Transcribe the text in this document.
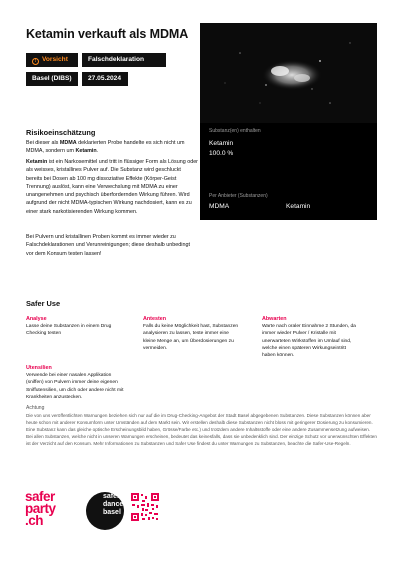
Ketamin verkauft als MDMA
! Vorsicht	Falschdeklaration
Basel (DIBS)	27.05.2024
Substanz(en) enthalten
Ketamin
100.0 %
Per Anbieter (Substanzen)
MDMA	Ketamin
Risikoeinschätzung
Bei dieser als MDMA deklarierten Probe handelte es sich nicht um MDMA, sondern um Ketamin.
Ketamin ist ein Narkosemittel und tritt in flüssiger Form als Lösung oder als weisses, kristallines Pulver auf. Die Substanz wird geschluckt bereits bei Dosen ab 100 mg dissoziative Effekte (Körper-Geist Trennung) auslöst, kann eine Verwechslung mit MDMA zu einer unangenehmen und psychisch überfordernden Wirkung führen. Wird aufgrund der nicht MDMA-typischen Wirkung nachdosiert, kann es zu einer stark narkotisierenden Wirkung kommen.
Bei Pulvern und kristallinen Proben kommt es immer wieder zu Falschdeklarationen und Verunreinigungen; diese deshalb unbedingt vor dem Konsum testen lassen!
Safer Use
Analyse
Lasse deine Substanzen in einem Drug Checking testen
Antesten
Falls du keine Möglichkeit hast, Substanzen analysieren zu lassen, teste immer eine kleine Menge an, um Überdosierungen zu vermeiden.
Abwarten
Warte nach oraler Einnahme 2 Stunden, da immer wieder Pulver / Kristalle mit unerwarteten Wirkstoffen im Umlauf sind, welche einen späteren Wirkungseintritt haben können.
Utensilien
Verwende bei einer nasalen Applikation (sniffen) von Pulvern immer deine eigenen Sniffutensilien, um dich oder andere nicht mit Krankheiten anzustecken.
Achtung
Die von uns veröffentlichten Warnungen beziehen sich nur auf die im Drug-Checking-Angebot der Stadt Basel abgegebenen Substanzen. Diese Substanzen können aber heute schon mit anderer Konsumform unter Umständen auf dem Markt sein. Wir erstellen deshalb diese Substanzen nicht bloss mit geringerer Dosierung zu konsumieren. Eine Substanz kann das gleiche optische Erscheinungsbild haben, Grösse/Farbe etc.) und trotzdem andere Inhaltsstoffe oder eine andere Zusammensetzung aufweisen. Bei allen Substanzen, welche nicht in unseren Warnungen erscheinen, bedeutet das keinesfalls, dass sie unbedenklich sind. Der einzige Schutz vor unerwünschten Effekten ist der Verzicht auf den Konsum. Mehr Informationen zu Substanzen und Safer Use findest du unter Warnungen zu Substanzen, beachte die Safer-Use-Regeln.
safer
party
.ch
safer
dance
basel
